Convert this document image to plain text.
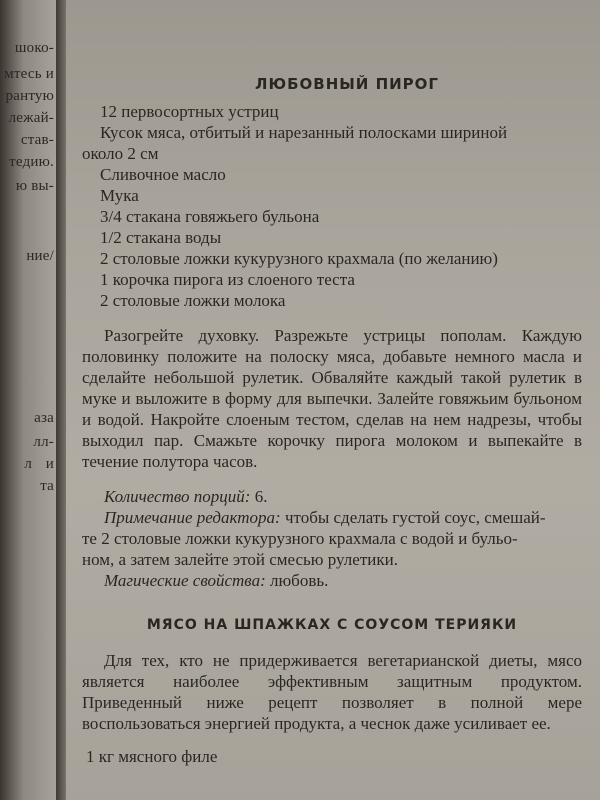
шоко-
мтесь и
рантую
лежай-
став-
тедию.
ю вы-
ние/
аза
лл-
л и
та
ЛЮБОВНЫЙ ПИРОГ
12 первосортных устриц
Кусок мяса, отбитый и нарезанный полосками шириной
около 2 см
Сливочное масло
Мука
3/4 стакана говяжьего бульона
1/2 стакана воды
2 столовые ложки кукурузного крахмала (по желанию)
1 корочка пирога из слоеного теста
2 столовые ложки молока
Разогрейте духовку. Разрежьте устрицы пополам. Каждую половинку положите на полоску мяса, добавьте немного масла и сделайте небольшой рулетик. Обваляйте каждый такой рулетик в муке и выложите в форму для выпечки. Залейте говяжьим бульоном и водой. Накройте слоеным тестом, сделав на нем надрезы, чтобы выходил пар. Смажьте корочку пирога молоком и выпекайте в течение полутора часов.
Количество порций: 6.
Примечание редактора: чтобы сделать густой соус, смешай-
те 2 столовые ложки кукурузного крахмала с водой и бульо-
ном, а затем залейте этой смесью рулетики.
Магические свойства: любовь.
МЯСО НА ШПАЖКАХ С СОУСОМ ТЕРИЯКИ
Для тех, кто не придерживается вегетарианской диеты, мясо является наиболее эффективным защитным продуктом. Приведенный ниже рецепт позволяет в полной мере воспользоваться энергией продукта, а чеснок даже усиливает ее.
1 кг мясного филе
